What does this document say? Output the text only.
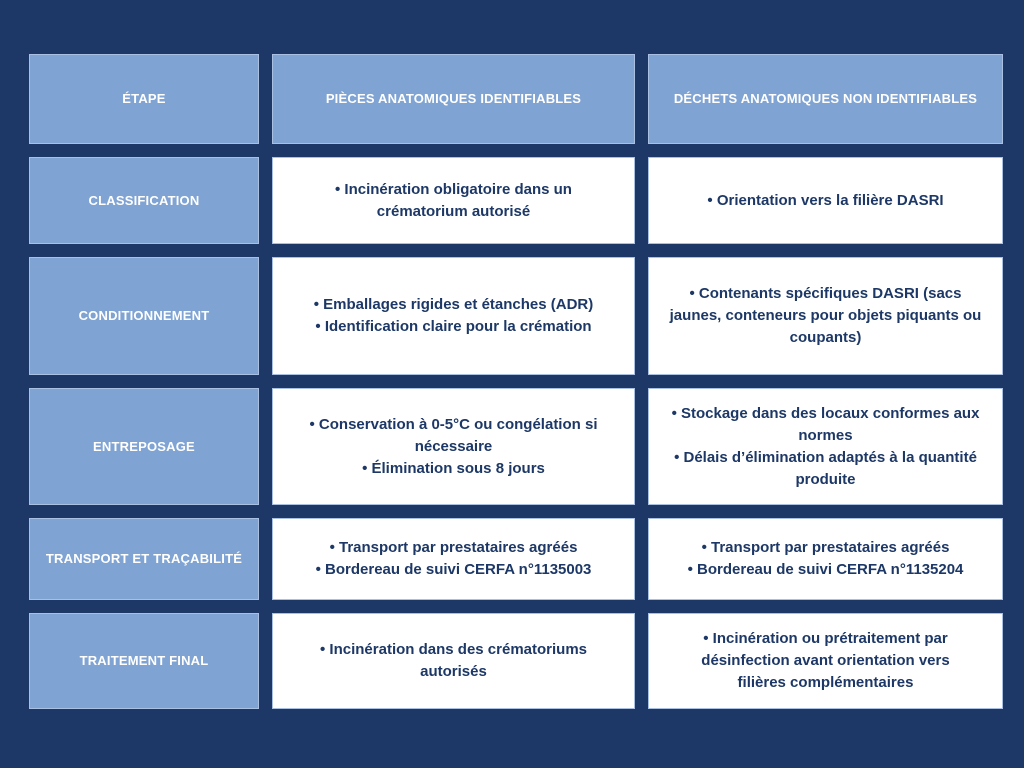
ÉTAPE	PIÈCES ANATOMIQUES IDENTIFIABLES	DÉCHETS ANATOMIQUES NON IDENTIFIABLES
CLASSIFICATION
• Incinération obligatoire dans un
crématorium autorisé
• Orientation vers la filière DASRI
CONDITIONNEMENT
• Emballages rigides et étanches (ADR)
• Identification claire pour la crémation
• Contenants spécifiques DASRI (sacs
jaunes, conteneurs pour objets piquants ou
coupants)
ENTREPOSAGE
• Conservation à 0-5°C ou congélation si
nécessaire
• Élimination sous 8 jours
• Stockage dans des locaux conformes aux
normes
• Délais d’élimination adaptés à la quantité
produite
TRANSPORT ET TRAÇABILITÉ
• Transport par prestataires agréés
• Bordereau de suivi CERFA n°1135003
• Transport par prestataires agréés
• Bordereau de suivi CERFA n°1135204
TRAITEMENT FINAL
• Incinération dans des crématoriums
autorisés
• Incinération ou prétraitement par
désinfection avant orientation vers
filières complémentaires
